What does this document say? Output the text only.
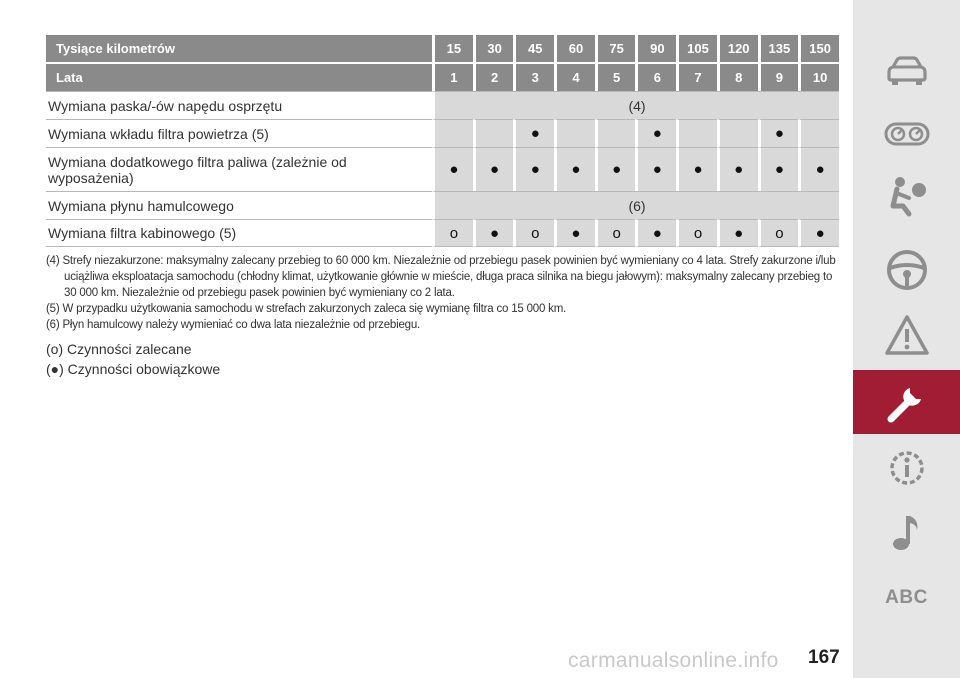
Tysiące kilometrów	15	30	45	60	75	90	105	120	135	150
Lata	1	2	3	4	5	6	7	8	9	10
Wymiana paska/-ów napędu osprzętu	(4)									
Wymiana wkładu filtra powietrza (5)			●			●			●	
Wymiana dodatkowego filtra paliwa (zależnie od wyposażenia)	●	●	●	●	●	●	●	●	●	●
Wymiana płynu hamulcowego	(6)									
Wymiana filtra kabinowego (5)	o	●	o	●	o	●	o	●	o	●

(4) Strefy niezakurzone: maksymalny zalecany przebieg to 60 000 km. Niezależnie od przebiegu pasek powinien być wymieniany co 4 lata. Strefy zakurzone i/lub uciążliwa eksploatacja samochodu (chłodny klimat, użytkowanie głównie w mieście, długa praca silnika na biegu jałowym): maksymalny zalecany przebieg to 30 000 km. Niezależnie od przebiegu pasek powinien być wymieniany co 2 lata.

(5) W przypadku użytkowania samochodu w strefach zakurzonych zaleca się wymianę filtra co 15 000 km.

(6) Płyn hamulcowy należy wymieniać co dwa lata niezależnie od przebiegu.

(o) Czynności zalecane

(●) Czynności obowiązkowe

ABC
carmanualsonline.info 167
